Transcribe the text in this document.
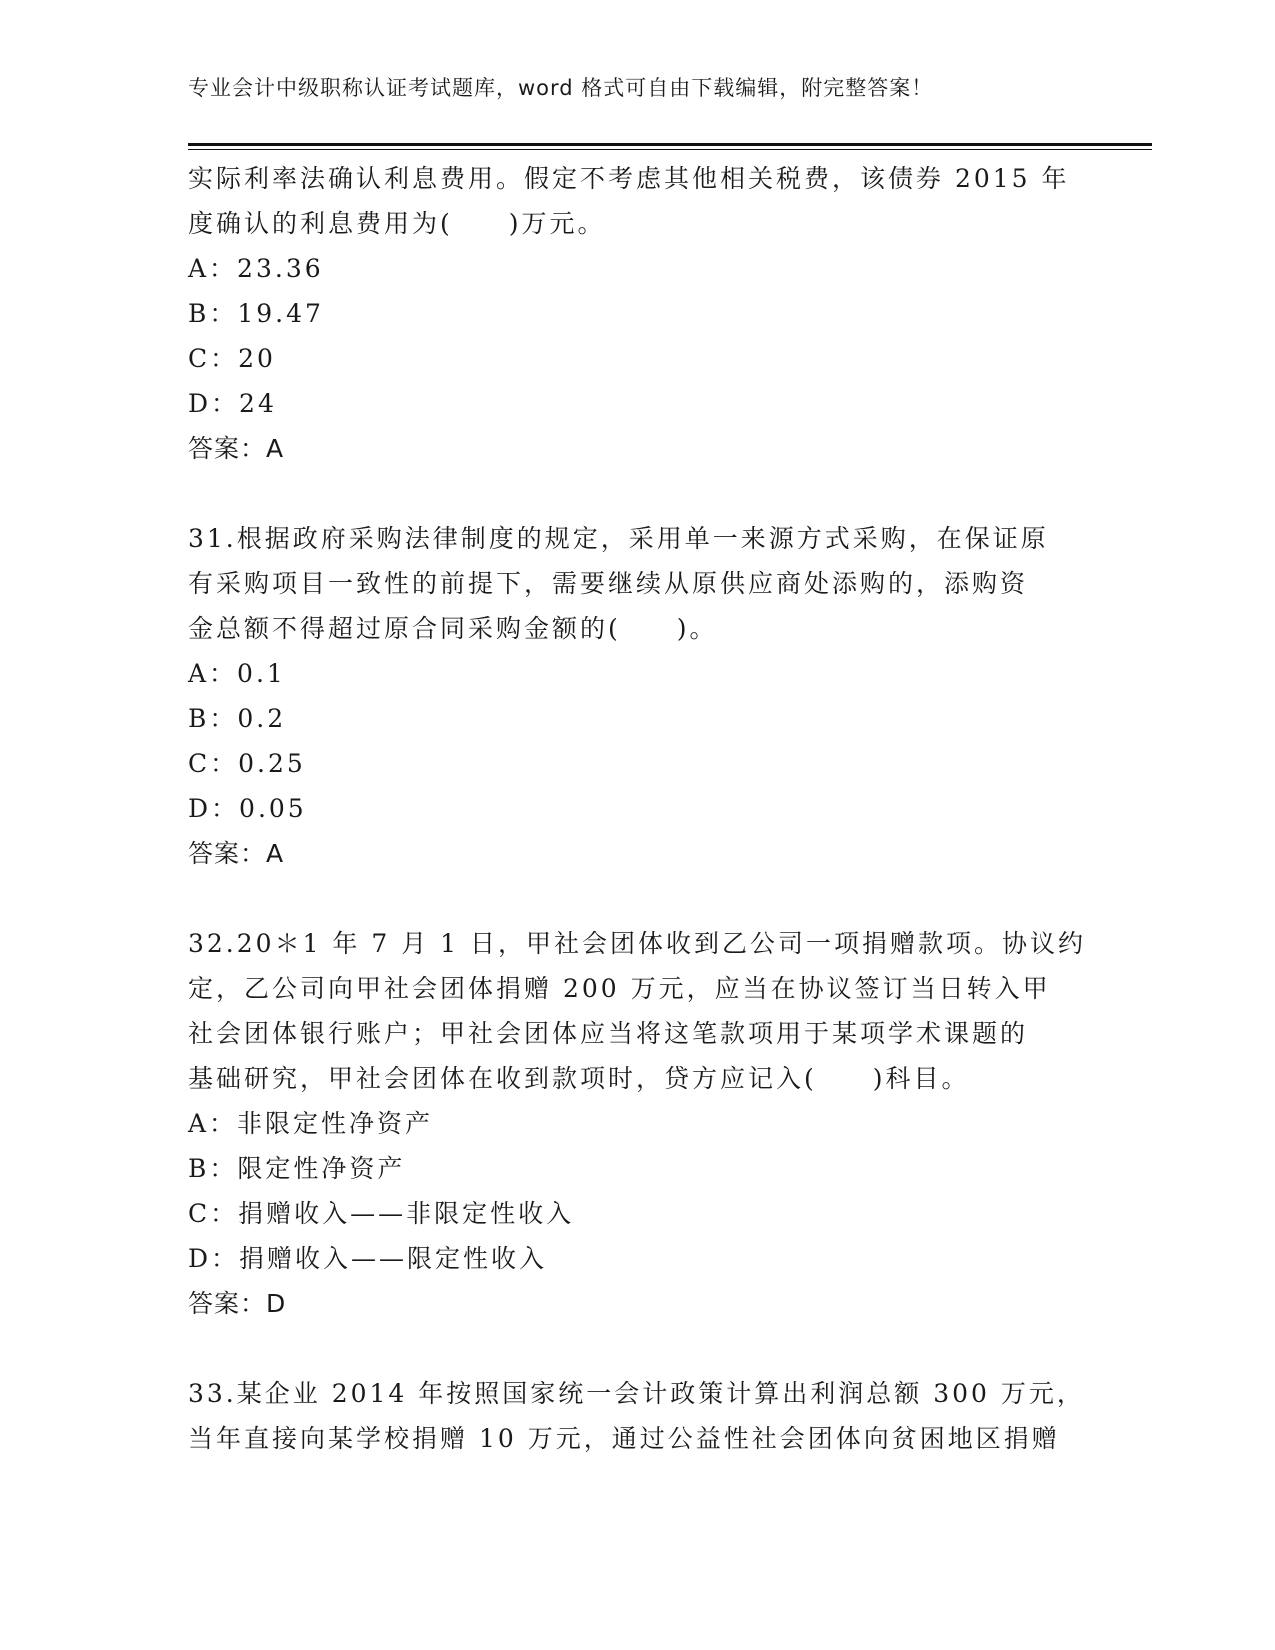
专业会计中级职称认证考试题库，word 格式可自由下载编辑，附完整答案！
实际利率法确认利息费用。假定不考虑其他相关税费，该债券 2015 年
度确认的利息费用为(　　)万元。
A：23.36
B：19.47
C：20
D：24
答案：A
31.根据政府采购法律制度的规定，采用单一来源方式采购，在保证原
有采购项目一致性的前提下，需要继续从原供应商处添购的，添购资
金总额不得超过原合同采购金额的(　　)。
A：0.1
B：0.2
C：0.25
D：0.05
答案：A
32.20＊1 年 7 月 1 日，甲社会团体收到乙公司一项捐赠款项。协议约
定，乙公司向甲社会团体捐赠 200 万元，应当在协议签订当日转入甲
社会团体银行账户；甲社会团体应当将这笔款项用于某项学术课题的
基础研究，甲社会团体在收到款项时，贷方应记入(　　)科目。
A：非限定性净资产
B：限定性净资产
C：捐赠收入——非限定性收入
D：捐赠收入——限定性收入
答案：D
33.某企业 2014 年按照国家统一会计政策计算出利润总额 300 万元，
当年直接向某学校捐赠 10 万元，通过公益性社会团体向贫困地区捐赠
